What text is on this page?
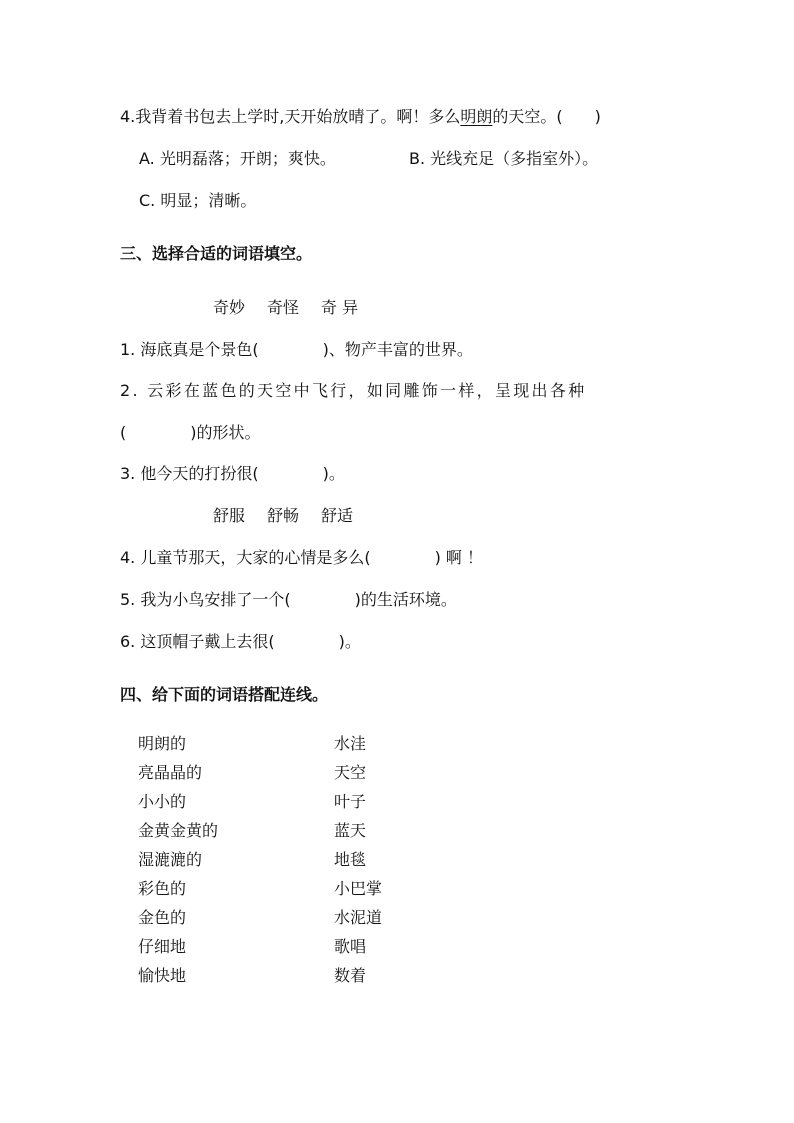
4.我背着书包去上学时,天开始放晴了。啊！多么明朗的天空。(　　)
A. 光明磊落；开朗；爽快。	B. 光线充足（多指室外）。
C. 明显；清晰。
三、选择合适的词语填空。
奇妙 奇怪 奇 异
1. 海底真是个景色(　　　　)、物产丰富的世界。
2. 云彩在蓝色的天空中飞行，如同雕饰一样，呈现出各种
(　　　　)的形状。
3. 他今天的打扮很(　　　　)。
舒服 舒畅 舒适
4. 儿童节那天，大家的心情是多么(　　　　) 啊 ！
5. 我为小鸟安排了一个(　　　　)的生活环境。
6. 这顶帽子戴上去很(　　　　)。
四、给下面的词语搭配连线。
明朗的
亮晶晶的
小小的
金黄金黄的
湿漉漉的
彩色的
金色的
仔细地
愉快地
水洼
天空
叶子
蓝天
地毯
小巴掌
水泥道
歌唱
数着
